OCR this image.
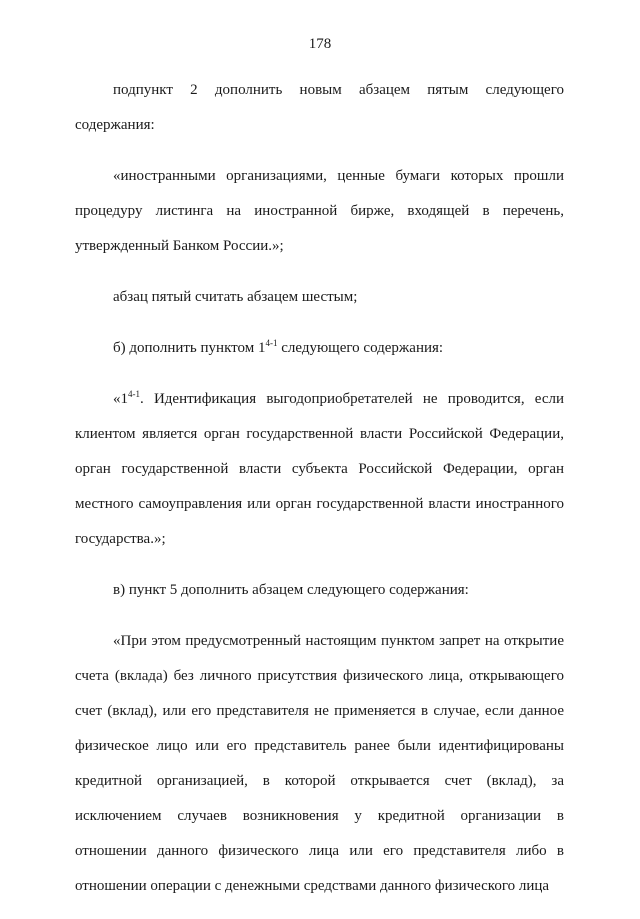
178

подпункт 2 дополнить новым абзацем пятым следующего содержания:

«иностранными организациями, ценные бумаги которых прошли процедуру листинга на иностранной бирже, входящей в перечень, утвержденный Банком России.»;

абзац пятый считать абзацем шестым;

б) дополнить пунктом 1$^{4-1}$ следующего содержания:

«1$^{4-1}$. Идентификация выгодоприобретателей не проводится, если клиентом является орган государственной власти Российской Федерации, орган государственной власти субъекта Российской Федерации, орган местного самоуправления или орган государственной власти иностранного государства.»;

в) пункт 5 дополнить абзацем следующего содержания:

«При этом предусмотренный настоящим пунктом запрет на открытие счета (вклада) без личного присутствия физического лица, открывающего счет (вклад), или его представителя не применяется в случае, если данное физическое лицо или его представитель ранее были идентифицированы кредитной организацией, в которой открывается счет (вклад), за исключением случаев возникновения у кредитной организации в отношении данного физического лица или его представителя либо в отношении операции с денежными средствами данного физического лица
